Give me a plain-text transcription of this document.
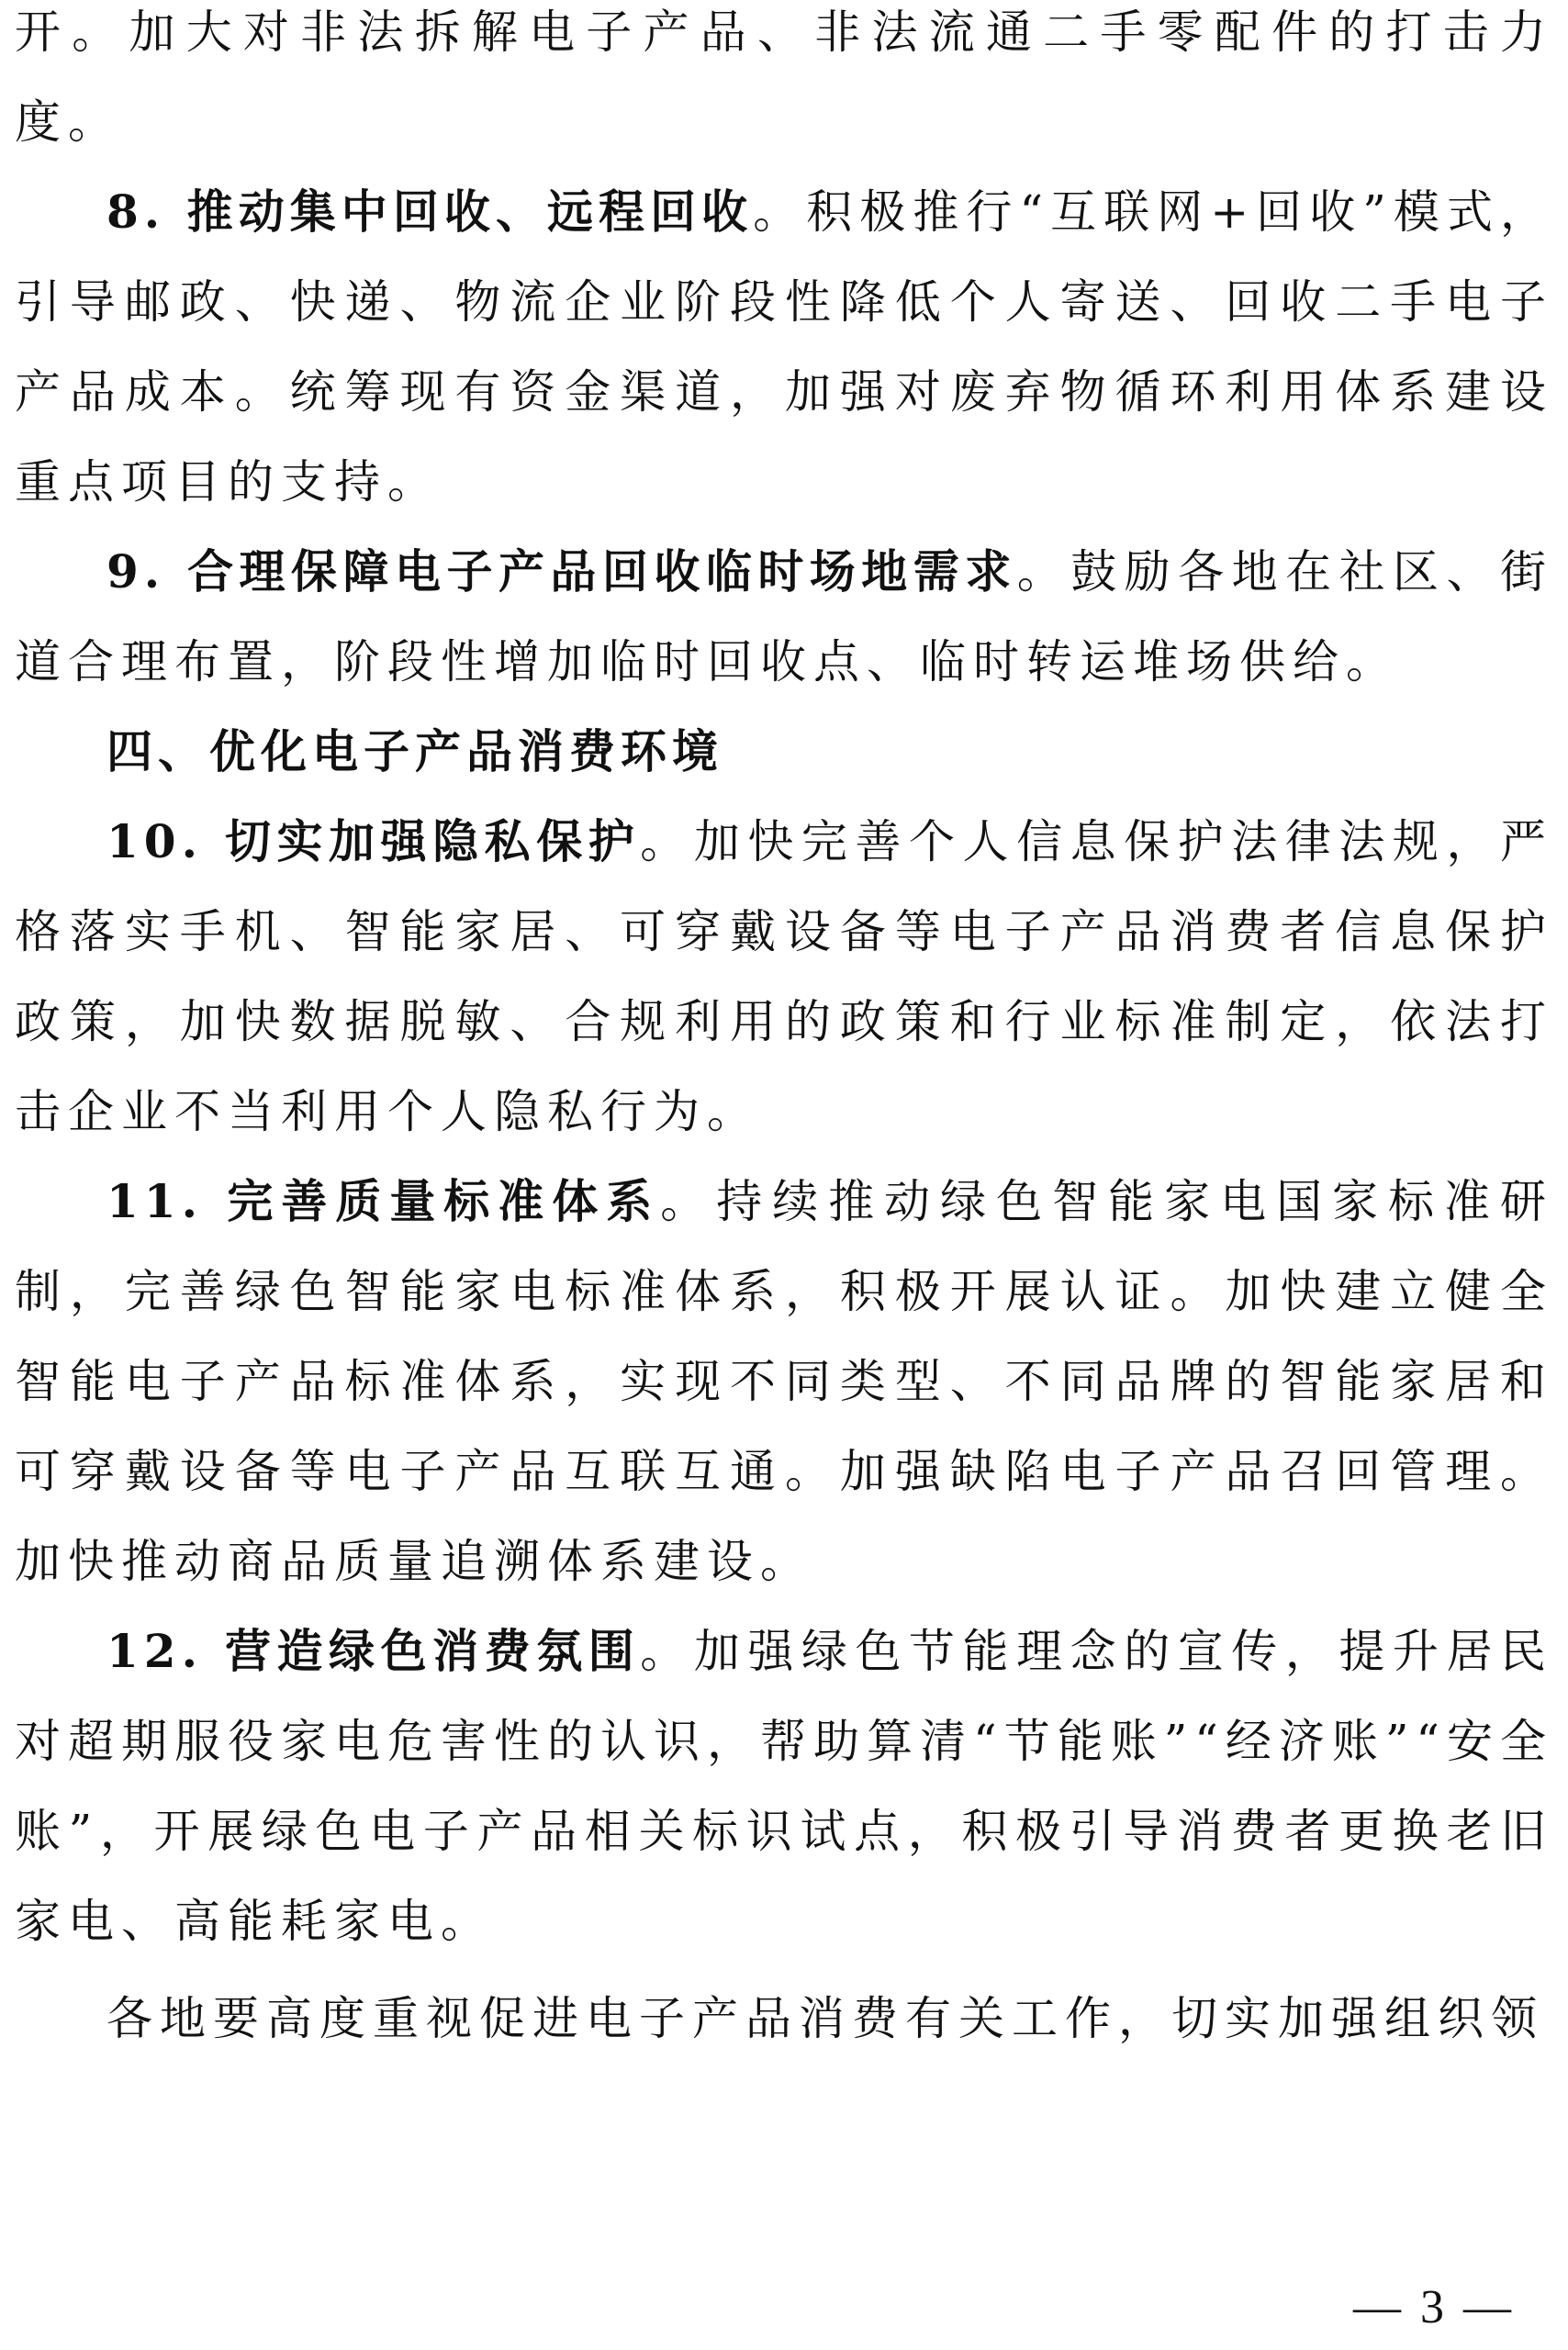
开。加大对非法拆解电子产品、非法流通二手零配件的打击力度。

8. 推动集中回收、远程回收。积极推行“互联网+回收”模式，引导邮政、快递、物流企业阶段性降低个人寄送、回收二手电子产品成本。统筹现有资金渠道，加强对废弃物循环利用体系建设重点项目的支持。

9. 合理保障电子产品回收临时场地需求。鼓励各地在社区、街道合理布置，阶段性增加临时回收点、临时转运堆场供给。

四、优化电子产品消费环境

10. 切实加强隐私保护。加快完善个人信息保护法律法规，严格落实手机、智能家居、可穿戴设备等电子产品消费者信息保护政策，加快数据脱敏、合规利用的政策和行业标准制定，依法打击企业不当利用个人隐私行为。

11. 完善质量标准体系。持续推动绿色智能家电国家标准研制，完善绿色智能家电标准体系，积极开展认证。加快建立健全智能电子产品标准体系，实现不同类型、不同品牌的智能家居和可穿戴设备等电子产品互联互通。加强缺陷电子产品召回管理。加快推动商品质量追溯体系建设。

12. 营造绿色消费氛围。加强绿色节能理念的宣传，提升居民对超期服役家电危害性的认识，帮助算清“节能账”“经济账”“安全账”，开展绿色电子产品相关标识试点，积极引导消费者更换老旧家电、高能耗家电。

各地要高度重视促进电子产品消费有关工作，切实加强组织领

— 3 —
